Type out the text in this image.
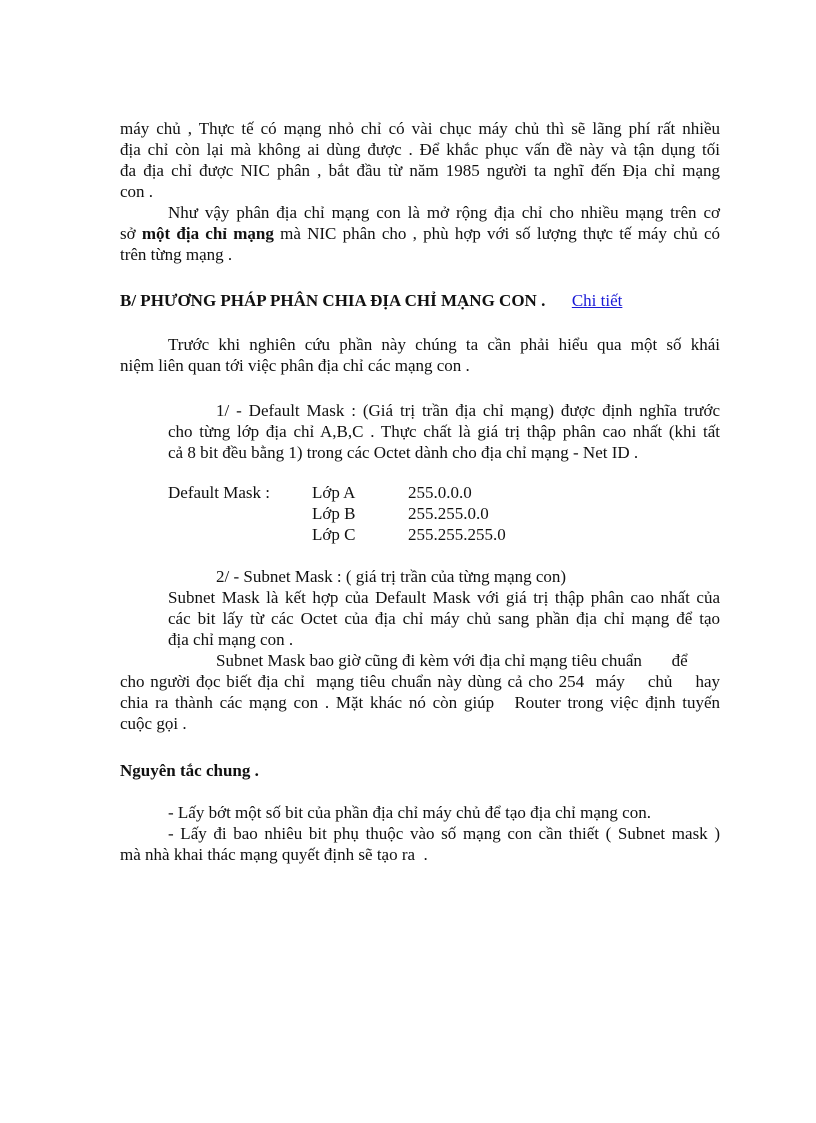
máy chủ , Thực tế có mạng nhỏ chỉ có vài chục máy chủ thì sẽ lãng phí rất nhiều
địa chỉ còn lại mà không ai dùng được . Để khắc phục vấn đề này và tận dụng tối
đa địa chỉ được NIC phân , bắt đầu từ năm 1985 người ta nghĩ đến Địa chỉ mạng
con .
Như vậy phân địa chỉ mạng con là mở rộng địa chỉ cho nhiều mạng trên cơ
sở một địa chỉ mạng mà NIC phân cho , phù hợp với số lượng thực tế máy chủ có
trên từng mạng .
B/ PHƯƠNG PHÁP PHÂN CHIA ĐỊA CHỈ MẠNG CON . Chi tiết
Trước khi nghiên cứu phần này chúng ta cần phải hiểu qua một số khái
niệm liên quan tới việc phân địa chỉ các mạng con .
1/ - Default Mask : (Giá trị trần địa chỉ mạng) được định nghĩa trước
cho từng lớp địa chỉ A,B,C . Thực chất là giá trị thập phân cao nhất (khi tất
cả 8 bit đều bằng 1) trong các Octet dành cho địa chỉ mạng - Net ID .
Default Mask : Lớp A	255.0.0.0
Lớp B	255.255.0.0
Lớp C	255.255.255.0
2/ - Subnet Mask : ( giá trị trần của từng mạng con)
Subnet Mask là kết hợp của Default Mask với giá trị thập phân cao nhất của
các bit lấy từ các Octet của địa chỉ máy chủ sang phần địa chỉ mạng để tạo
địa chỉ mạng con .
Subnet Mask bao giờ cũng đi kèm với địa chỉ mạng tiêu chuẩn       để
cho người đọc biết địa chỉ  mạng tiêu chuẩn này dùng cả cho 254  máy    chủ    hay
chia ra thành các mạng con . Mặt khác nó còn giúp   Router trong việc định tuyến
cuộc gọi .
Nguyên tắc chung .
- Lấy bớt một số bit của phần địa chỉ máy chủ để tạo địa chỉ mạng con.
- Lấy đi bao nhiêu bit phụ thuộc vào số mạng con cần thiết ( Subnet mask )
mà nhà khai thác mạng quyết định sẽ tạo ra  .
